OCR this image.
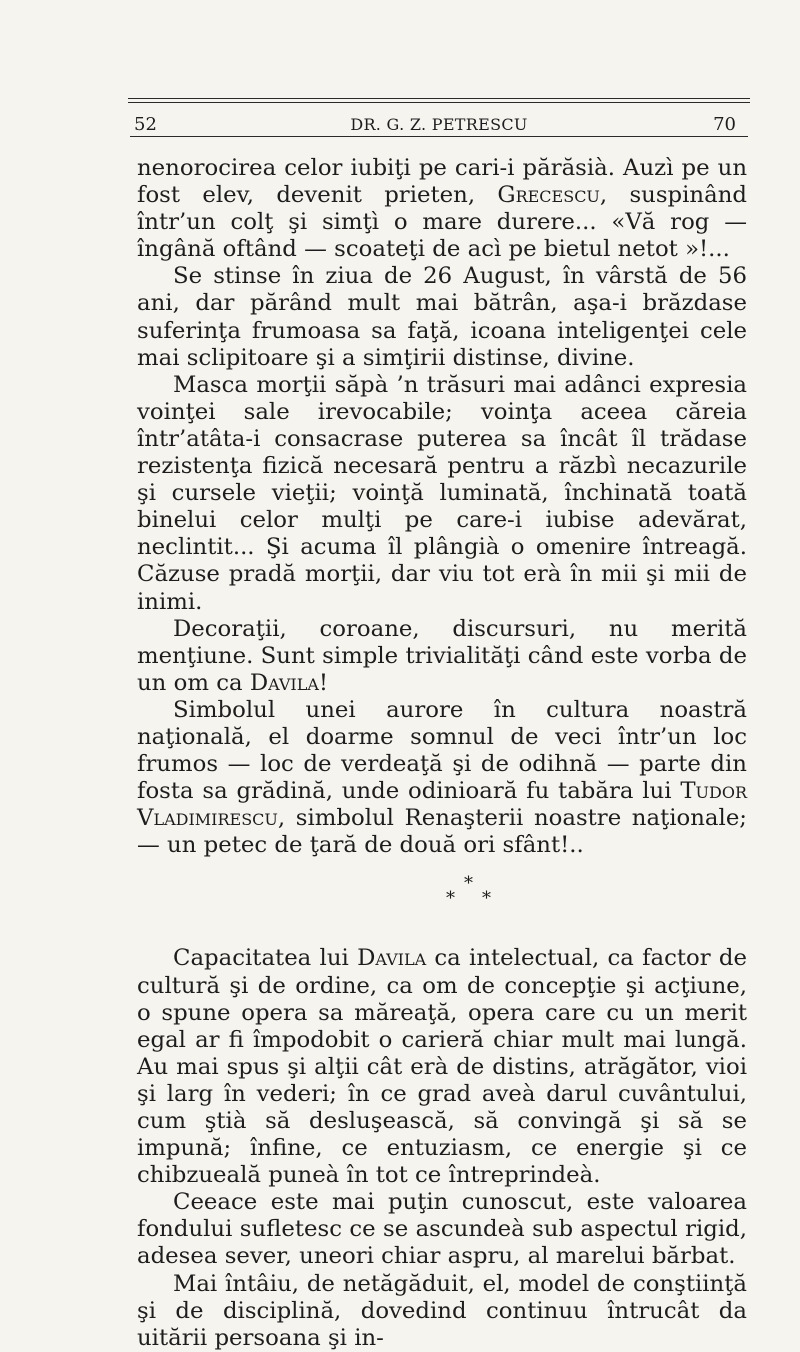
52	DR. G. Z. PETRESCU	70

nenorocirea celor iubiţi pe cari-i părăsià. Auzì pe un fost elev, devenit prieten, Grecescu, suspinând într’un colţ şi simţì o mare durere... «Vă rog — îngână oftând — scoateţi de acì pe bietul netot »!...

Se stinse în ziua de 26 August, în vârstă de 56 ani, dar părând mult mai bătrân, aşa-i brăzdase suferinţa frumoasa sa faţă, icoana inteligenţei cele mai sclipitoare şi a simţirii distinse, divine.

Masca morţii săpà ’n trăsuri mai adânci expresia voinţei sale irevocabile; voinţa aceea căreia într’atâta-i consacrase puterea sa încât îl trădase rezistenţa fizică necesară pentru a răzbì necazurile şi cursele vieţii; voinţă luminată, închinată toată binelui celor mulţi pe care-i iubise adevărat, neclintit... Şi acuma îl plângià o omenire întreagă. Căzuse pradă morţii, dar viu tot erà în mii şi mii de inimi.

Decoraţii, coroane, discursuri, nu merită menţiune. Sunt simple trivialităţi când este vorba de un om ca Davila!

Simbolul unei aurore în cultura noastră naţională, el doarme somnul de veci într’un loc frumos — loc de verdeaţă şi de odihnă — parte din fosta sa grădină, unde odinioară fu tabăra lui Tudor Vladimirescu, simbolul Renaşterii noastre naţionale; — un petec de ţară de două ori sfânt!..

*
* *

Capacitatea lui Davila ca intelectual, ca factor de cultură şi de ordine, ca om de concepţie şi acţiune, o spune opera sa măreaţă, opera care cu un merit egal ar fi împodobit o carieră chiar mult mai lungă. Au mai spus şi alţii cât erà de distins, atrăgător, vioi şi larg în vederi; în ce grad aveà darul cuvântului, cum ştià să desluşească, să convingă şi să se impună; înfine, ce entuziasm, ce energie şi ce chibzueală puneà în tot ce întreprindeà.

Ceeace este mai puţin cunoscut, este valoarea fondului sufletesc ce se ascundeà sub aspectul rigid, adesea sever, uneori chiar aspru, al marelui bărbat.

Mai întâiu, de netăgăduit, el, model de conştiinţă şi de disciplină, dovedind continuu întrucât da uitării persoana şi in-
